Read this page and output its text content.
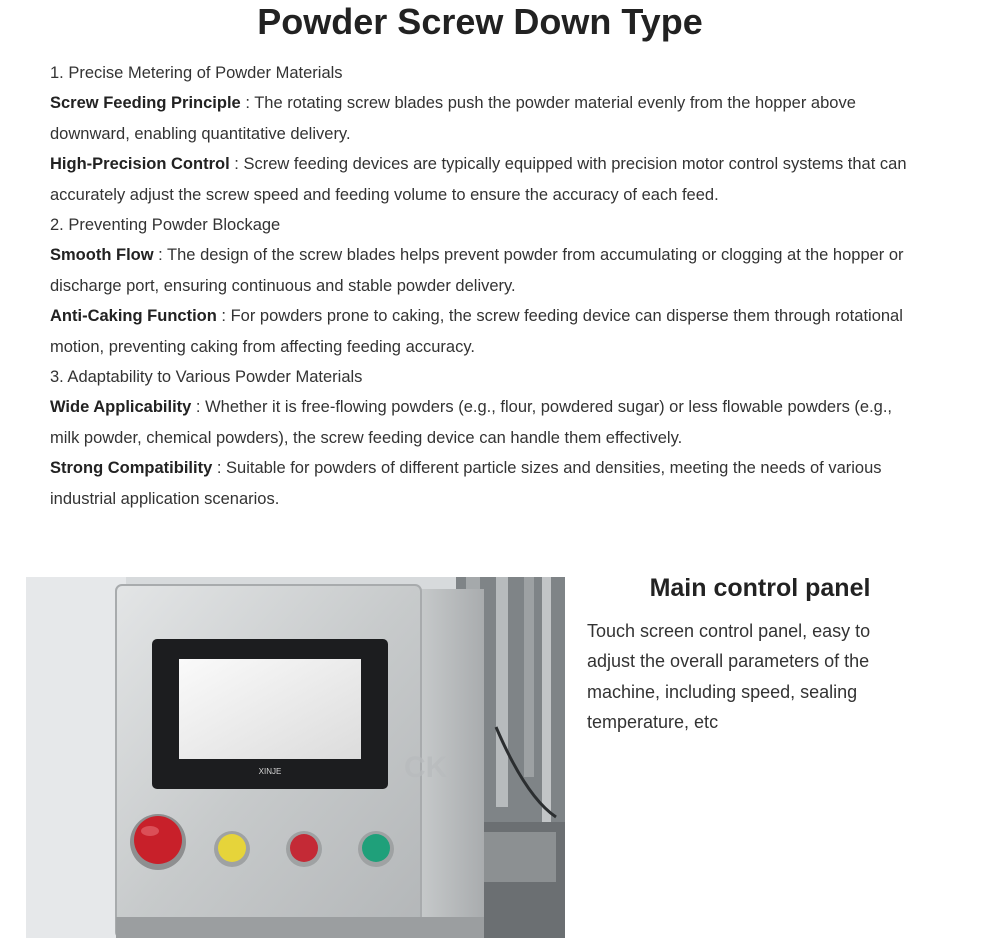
Powder Screw Down Type

1. Precise Metering of Powder Materials

Screw Feeding Principle : The rotating screw blades push the powder material evenly from the hopper above downward, enabling quantitative delivery.

High-Precision Control : Screw feeding devices are typically equipped with precision motor control systems that can accurately adjust the screw speed and feeding volume to ensure the accuracy of each feed.

2. Preventing Powder Blockage

Smooth Flow : The design of the screw blades helps prevent powder from accumulating or clogging at the hopper or discharge port, ensuring continuous and stable powder delivery.

Anti-Caking Function : For powders prone to caking, the screw feeding device can disperse them through rotational motion, preventing caking from affecting feeding accuracy.

3. Adaptability to Various Powder Materials

Wide Applicability : Whether it is free-flowing powders (e.g., flour, powdered sugar) or less flowable powders (e.g., milk powder, chemical powders), the screw feeding device can handle them effectively.

Strong Compatibility : Suitable for powders of different particle sizes and densities, meeting the needs of various industrial application scenarios.

XINJE	CK
Main control panel

Touch screen control panel, easy to adjust the overall parameters of the machine, including speed, sealing temperature, etc
